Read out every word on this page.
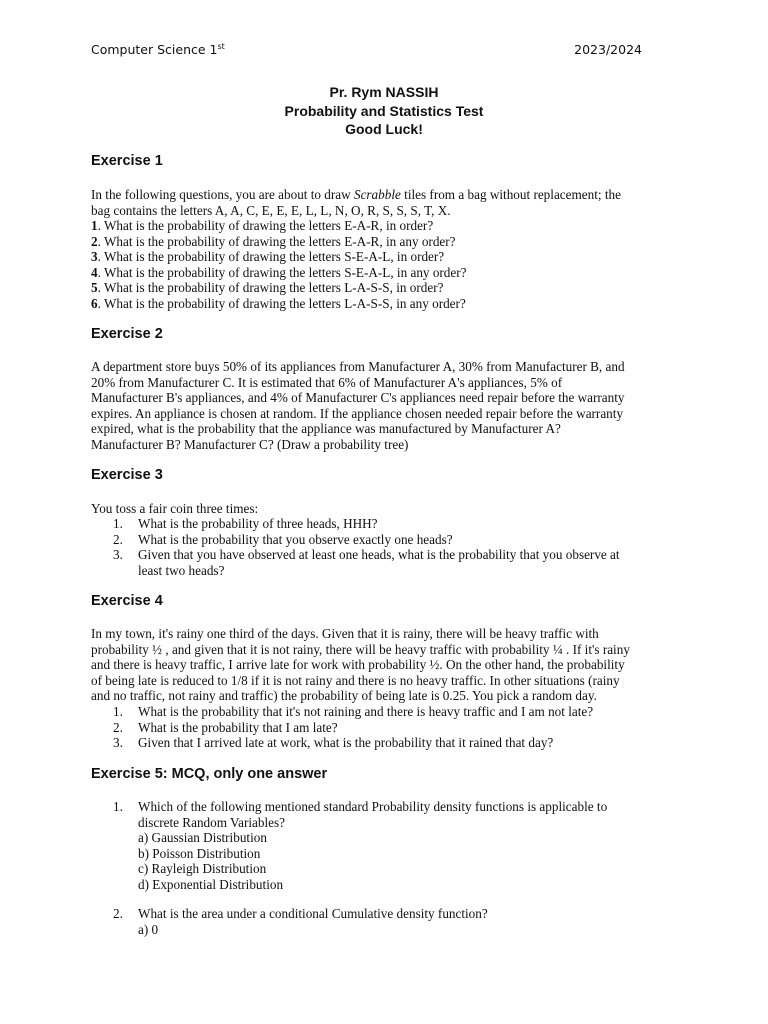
Computer Science 1st	2023/2024
Pr. Rym NASSIH
Probability and Statistics Test
Good Luck!
Exercise 1
In the following questions, you are about to draw Scrabble tiles from a bag without replacement; the
bag contains the letters A, A, C, E, E, E, L, L, N, O, R, S, S, S, T, X.
1. What is the probability of drawing the letters E-A-R, in order?
2. What is the probability of drawing the letters E-A-R, in any order?
3. What is the probability of drawing the letters S-E-A-L, in order?
4. What is the probability of drawing the letters S-E-A-L, in any order?
5. What is the probability of drawing the letters L-A-S-S, in order?
6. What is the probability of drawing the letters L-A-S-S, in any order?
Exercise 2
A department store buys 50% of its appliances from Manufacturer A, 30% from Manufacturer B, and
20% from Manufacturer C. It is estimated that 6% of Manufacturer A's appliances, 5% of
Manufacturer B's appliances, and 4% of Manufacturer C's appliances need repair before the warranty
expires. An appliance is chosen at random. If the appliance chosen needed repair before the warranty
expired, what is the probability that the appliance was manufactured by Manufacturer A?
Manufacturer B? Manufacturer C? (Draw a probability tree)
Exercise 3
You toss a fair coin three times:
1. What is the probability of three heads, HHH?
2. What is the probability that you observe exactly one heads?
3. Given that you have observed at least one heads, what is the probability that you observe at
least two heads?
Exercise 4
In my town, it's rainy one third of the days. Given that it is rainy, there will be heavy traffic with
probability ½ , and given that it is not rainy, there will be heavy traffic with probability ¼ . If it's rainy
and there is heavy traffic, I arrive late for work with probability ½. On the other hand, the probability
of being late is reduced to 1/8 if it is not rainy and there is no heavy traffic. In other situations (rainy
and no traffic, not rainy and traffic) the probability of being late is 0.25. You pick a random day.
1. What is the probability that it's not raining and there is heavy traffic and I am not late?
2. What is the probability that I am late?
3. Given that I arrived late at work, what is the probability that it rained that day?
Exercise 5: MCQ, only one answer
1. Which of the following mentioned standard Probability density functions is applicable to
discrete Random Variables?
a) Gaussian Distribution
b) Poisson Distribution
c) Rayleigh Distribution
d) Exponential Distribution
2. What is the area under a conditional Cumulative density function?
a) 0
